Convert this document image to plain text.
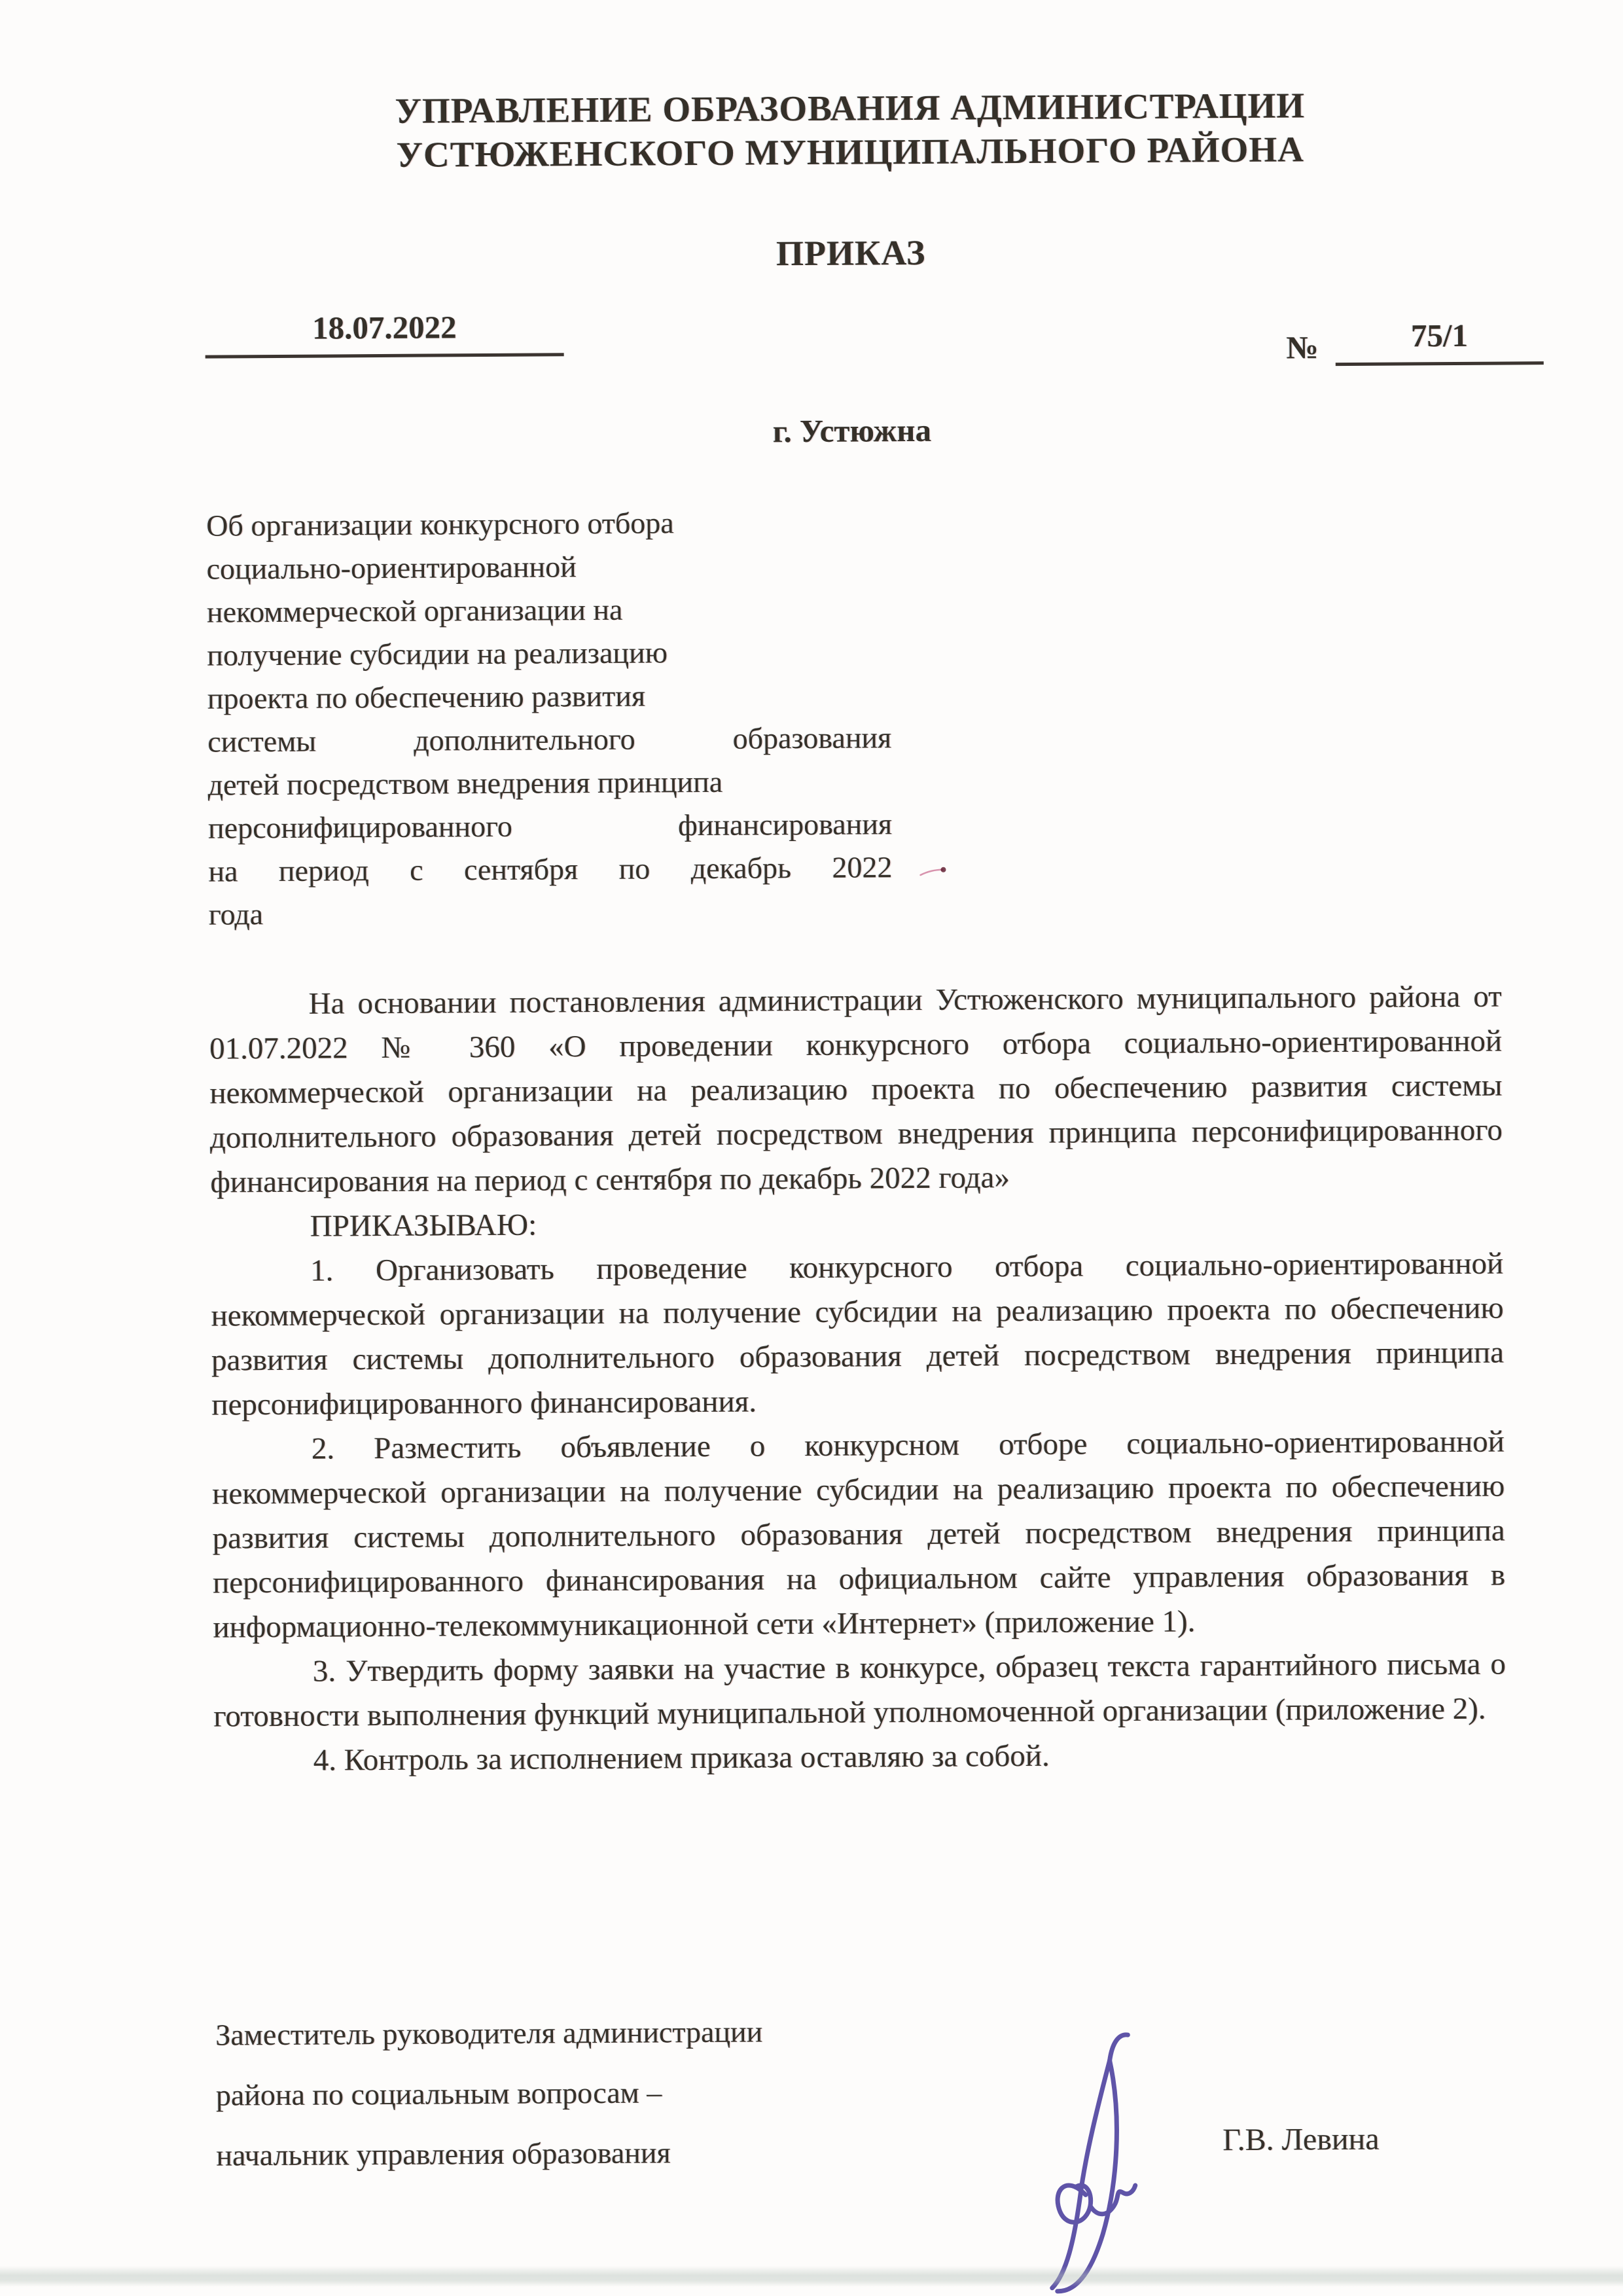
УПРАВЛЕНИЕ ОБРАЗОВАНИЯ АДМИНИСТРАЦИИ
УСТЮЖЕНСКОГО МУНИЦИПАЛЬНОГО РАЙОНА
ПРИКАЗ
18.07.2022
№	75/1
г. Устюжна
Об организации конкурсного отбора
социально-ориентированной
некоммерческой организации на
получение субсидии на реализацию
проекта по обеспечению развития
системы дополнительного образования
детей посредством внедрения принципа
персонифицированного финансирования
на период с сентября по декабрь 2022
года

На основании постановления администрации Устюженского муниципального района от 01.07.2022 № 360 «О проведении конкурсного отбора социально-ориентированной некоммерческой организации на реализацию проекта по обеспечению развития системы дополнительного образования детей посредством внедрения принципа персонифицированного финансирования на период с сентября по декабрь 2022 года»

ПРИКАЗЫВАЮ:

1. Организовать проведение конкурсного отбора социально-ориентированной некоммерческой организации на получение субсидии на реализацию проекта по обеспечению развития системы дополнительного образования детей посредством внедрения принципа персонифицированного финансирования.

2. Разместить объявление о конкурсном отборе социально-ориентированной некоммерческой организации на получение субсидии на реализацию проекта по обеспечению развития системы дополнительного образования детей посредством внедрения принципа персонифицированного финансирования на официальном сайте управления образования в информационно-телекоммуникационной сети «Интернет» (приложение 1).

3. Утвердить форму заявки на участие в конкурсе, образец текста гарантийного письма о готовности выполнения функций муниципальной уполномоченной организации (приложение 2).

4. Контроль за исполнением приказа оставляю за собой.

Заместитель руководителя администрации
района по социальным вопросам –
начальник управления образования	Г.В. Левина
